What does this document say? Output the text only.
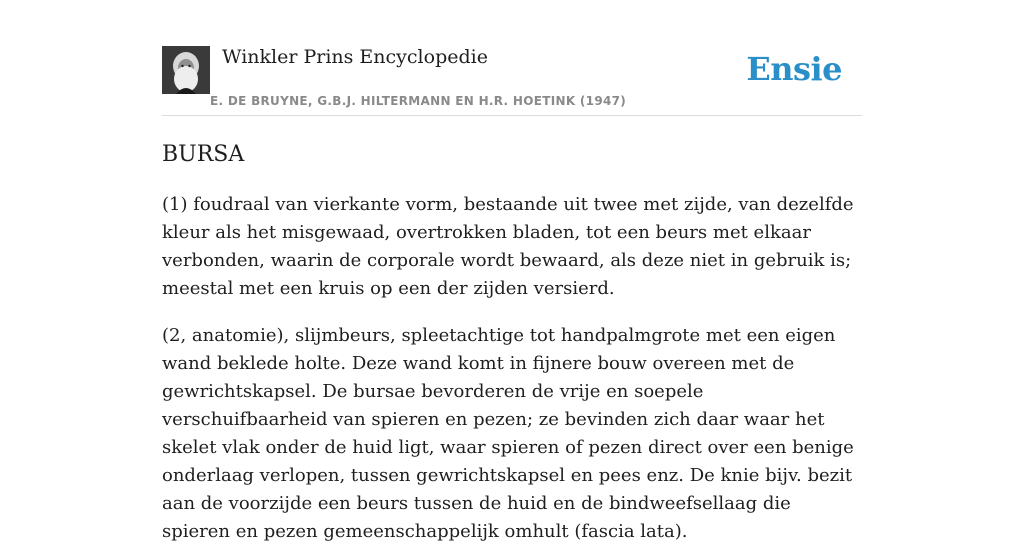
Winkler Prins Encyclopedie
E. DE BRUYNE, G.B.J. HILTERMANN EN H.R. HOETINK (1947)
Ensie
BURSA

(1) foudraal van vierkante vorm, bestaande uit twee met zijde, van dezelfde kleur als het misgewaad, overtrokken bladen, tot een beurs met elkaar verbonden, waarin de corporale wordt bewaard, als deze niet in gebruik is; meestal met een kruis op een der zijden versierd.

(2, anatomie), slijmbeurs, spleetachtige tot handpalmgrote met een eigen wand beklede holte. Deze wand komt in fijnere bouw overeen met de gewrichtskapsel. De bursae bevorderen de vrije en soepele verschuifbaarheid van spieren en pezen; ze bevinden zich daar waar het skelet vlak onder de huid ligt, waar spieren of pezen direct over een benige onderlaag verlopen, tussen gewrichtskapsel en pees enz. De knie bijv. bezit aan de voorzijde een beurs tussen de huid en de bindweefsellaag die spieren en pezen gemeenschappelijk omhult (fascia lata).
